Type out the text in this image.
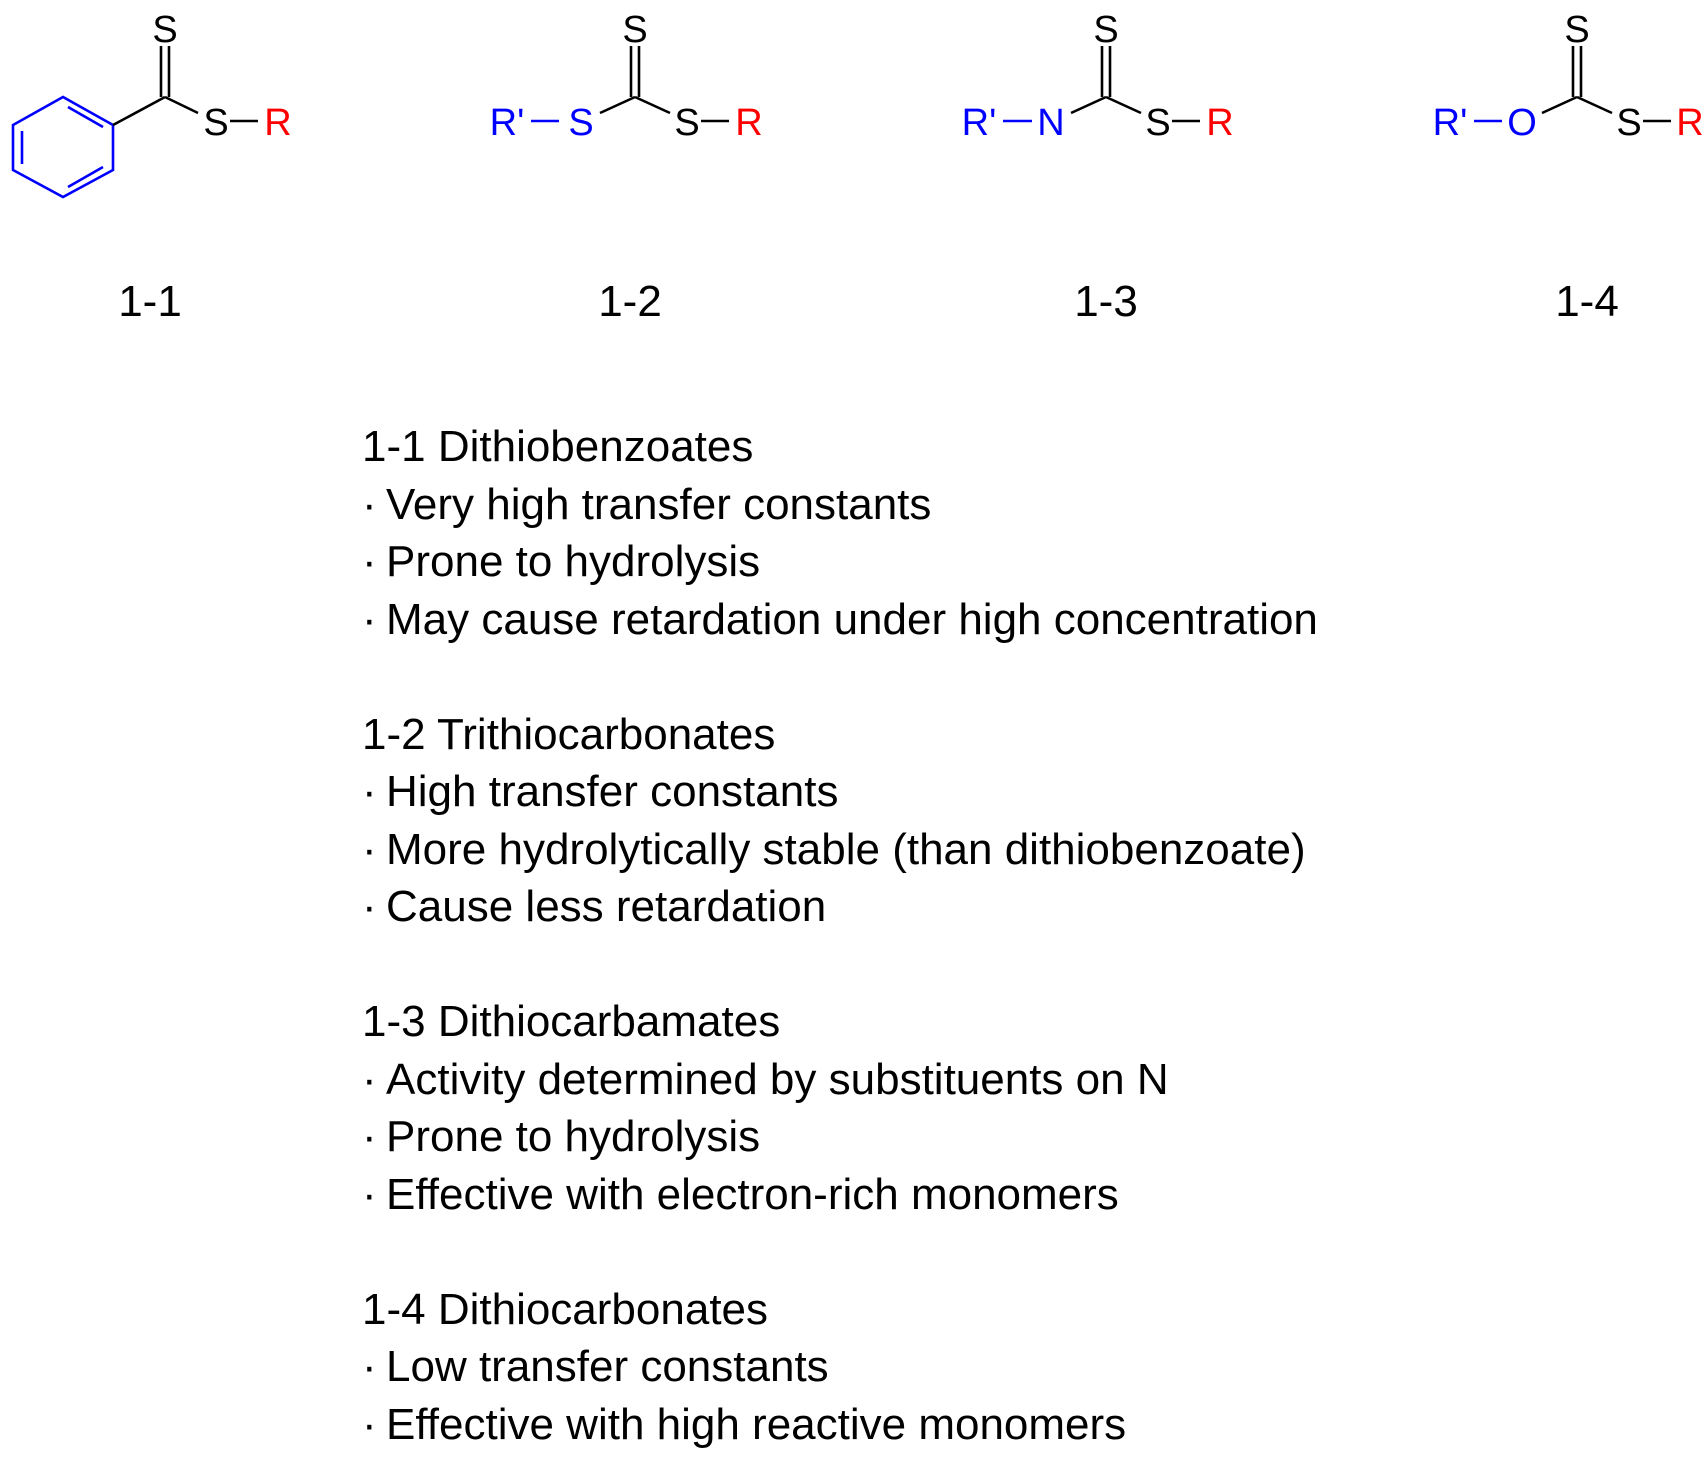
S
S R	R' S
S
S R	R' N
S
S R	R' O
S
S R
1-1	1-2	1-3	1-4
1-1 Dithiobenzoates
· Very high transfer constants
· Prone to hydrolysis
· May cause retardation under high concentration
1-2 Trithiocarbonates
· High transfer constants
· More hydrolytically stable (than dithiobenzoate)
· Cause less retardation
1-3 Dithiocarbamates
· Activity determined by substituents on N
· Prone to hydrolysis
· Effective with electron-rich monomers
1-4 Dithiocarbonates
· Low transfer constants
· Effective with high reactive monomers
